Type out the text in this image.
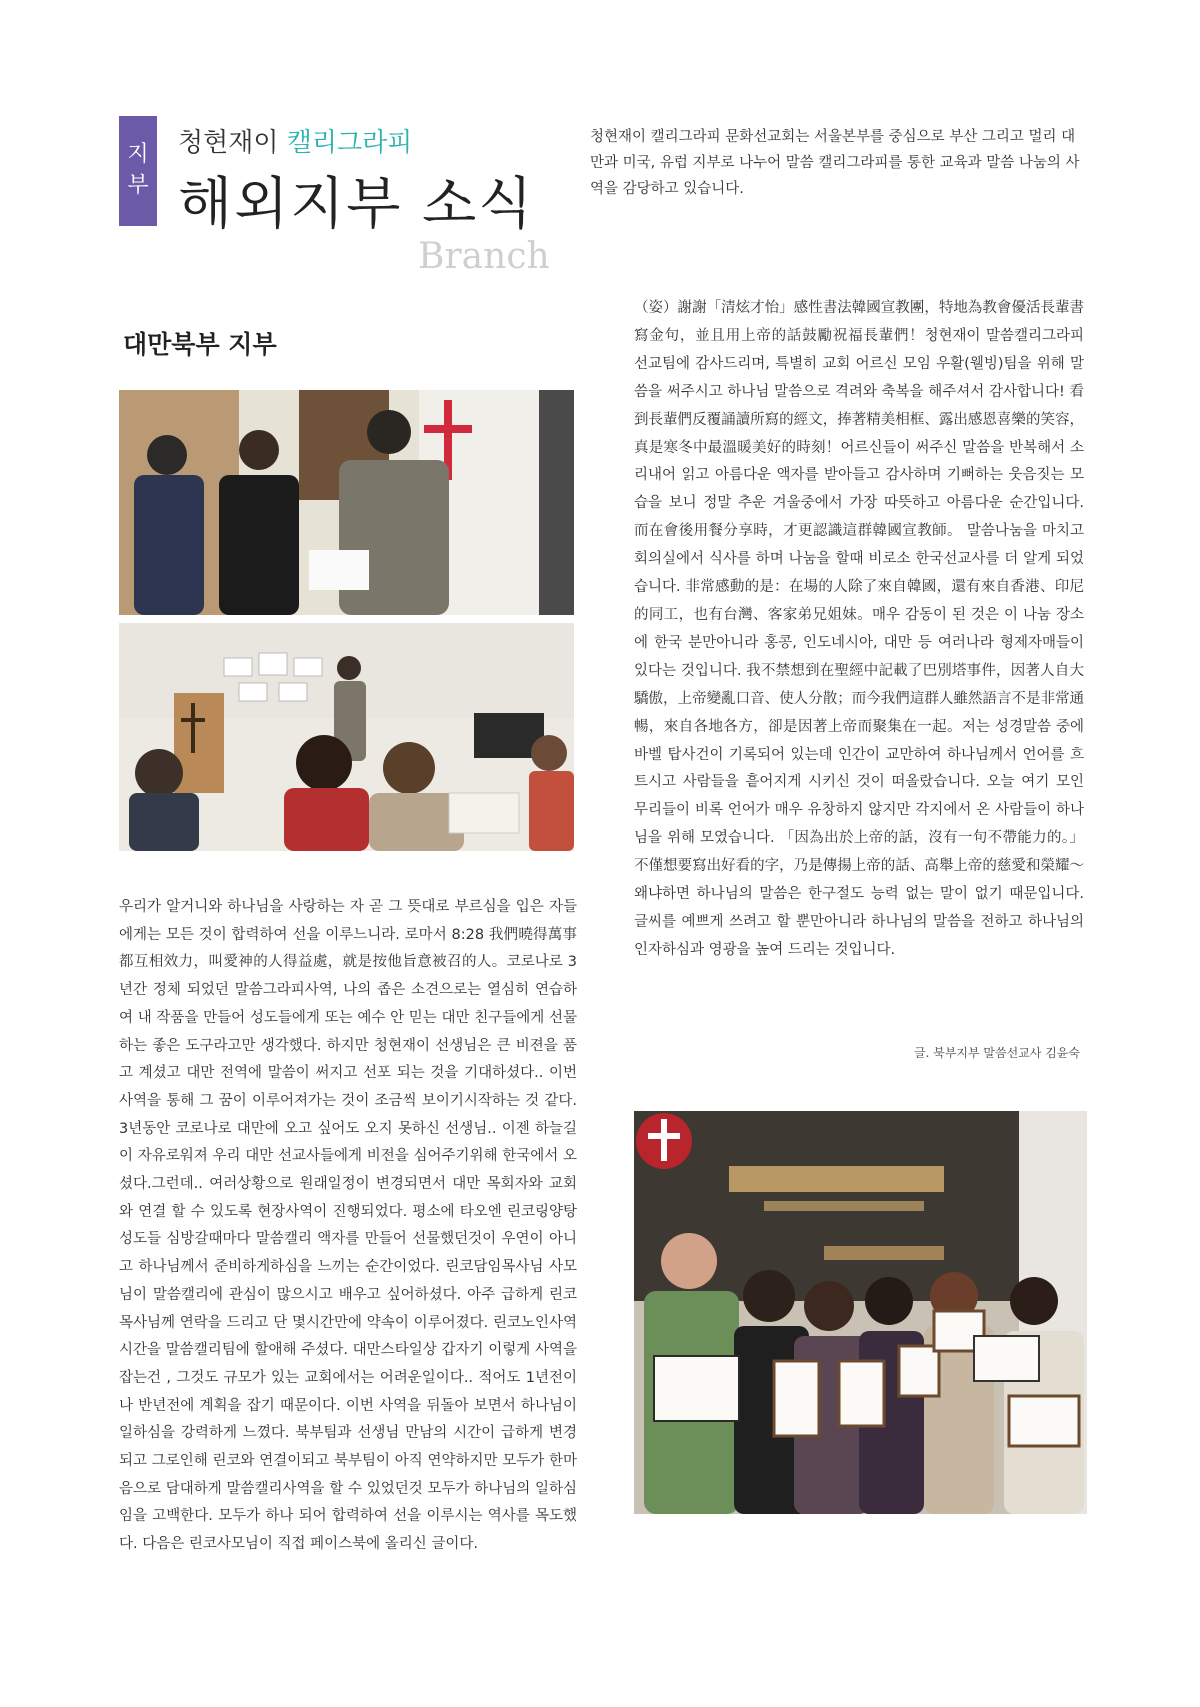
지
부
청현재이 캘리그라피
해외지부 소식
Branch
청현재이 캘리그라피 문화선교회는 서울본부를 중심으로 부산 그리고 멀리 대만과 미국, 유럽 지부로 나누어 말씀 캘리그라피를 통한 교육과 말씀 나눔의 사역을 감당하고 있습니다.
대만북부 지부
우리가 알거니와 하나님을 사랑하는 자 곧 그 뜻대로 부르심을 입은 자들에게는 모든 것이 합력하여 선을 이루느니라. 로마서 8:28 我們曉得萬事都互相效力，叫愛神的人得益處，就是按他旨意被召的人。코로나로 3년간 정체 되었던 말씀그라피사역, 나의 좁은 소견으로는 열심히 연습하여 내 작품을 만들어 성도들에게 또는 예수 안 믿는 대만 친구들에게 선물하는 좋은 도구라고만 생각했다. 하지만 청현재이 선생님은 큰 비젼을 품고 계셨고 대만 전역에 말씀이 써지고 선포 되는 것을 기대하셨다.. 이번사역을 통해 그 꿈이 이루어져가는 것이 조금씩 보이기시작하는 것 같다. 3년동안 코로나로 대만에 오고 싶어도 오지 못하신 선생님.. 이젠 하늘길이 자유로워져 우리 대만 선교사들에게 비전을 심어주기위해 한국에서 오셨다.그런데.. 여러상황으로 원래일정이 변경되면서 대만 목회자와 교회와 연결 할 수 있도록 현장사역이 진행되었다. 평소에 타오엔 린코링양탕 성도들 심방갈때마다 말씀캘리 액자를 만들어 선물했던것이 우연이 아니고 하나님께서 준비하게하심을 느끼는 순간이었다. 린코담임목사님 사모님이 말씀캘리에 관심이 많으시고 배우고 싶어하셨다. 아주 급하게 린코목사님께 연락을 드리고 단 몇시간만에 약속이 이루어졌다. 린코노인사역 시간을 말씀캘리팀에 할애해 주셨다. 대만스타일상 갑자기 이렇게 사역을 잡는건 , 그것도 규모가 있는 교회에서는 어려운일이다.. 적어도 1년전이나 반년전에 계획을 잡기 때문이다. 이번 사역을 뒤돌아 보면서 하나님이 일하심을 강력하게 느꼈다. 북부팀과 선생님 만남의 시간이 급하게 변경되고 그로인해 린코와 연결이되고 북부팀이 아직 연약하지만 모두가 한마음으로 담대하게 말씀캘리사역을 할 수 있었던것 모두가 하나님의 일하심임을 고백한다. 모두가 하나 되어 합력하여 선을 이루시는 역사를 목도했다. 다음은 린코사모님이 직접 페이스북에 올리신 글이다.
（姿）謝謝「清炫才怡」感性書法韓國宣教團，特地為教會優活長輩書寫金句，並且用上帝的話鼓勵祝福長輩們！청현재이 말씀캘리그라피 선교팀에 감사드리며, 특별히 교회 어르신 모임 우활(웰빙)팀을 위해 말씀을 써주시고 하나님 말씀으로 격려와 축복을 해주셔서 감사합니다! 看到長輩們反覆誦讀所寫的經文，捧著精美相框、露出感恩喜樂的笑容，真是寒冬中最溫暖美好的時刻！어르신들이 써주신 말씀을 반복해서 소리내어 읽고 아름다운 액자를 받아들고 감사하며 기뻐하는 웃음짓는 모습을 보니 정말 추운 겨울중에서 가장 따뜻하고 아름다운 순간입니다. 而在會後用餐分享時，才更認識這群韓國宣教師。 말씀나눔을 마치고 회의실에서 식사를 하며 나눔을 할때 비로소 한국선교사를 더 알게 되었습니다. 非常感動的是：在場的人除了來自韓國，還有來自香港、印尼的同工，也有台灣、客家弟兄姐妹。매우 감동이 된 것은 이 나눔 장소에 한국 분만아니라 홍콩, 인도네시아, 대만 등 여러나라 형제자매들이 있다는 것입니다. 我不禁想到在聖經中記載了巴別塔事件，因著人自大驕傲，上帝變亂口音、使人分散；而今我們這群人雖然語言不是非常通暢，來自各地各方，卻是因著上帝而聚集在一起。저는 성경말씀 중에 바벨 탑사건이 기록되어 있는데 인간이 교만하여 하나님께서 언어를 흐트시고 사람들을 흩어지게 시키신 것이 떠올랐습니다. 오늘 여기 모인 무리들이 비록 언어가 매우 유창하지 않지만 각지에서 온 사람들이 하나님을 위해 모였습니다. 「因為出於上帝的話，沒有一句不帶能力的。」不僅想要寫出好看的字，乃是傳揚上帝的話、高舉上帝的慈愛和榮耀～ 왜냐하면 하나님의 말씀은 한구절도 능력 없는 말이 없기 때문입니다. 글씨를 예쁘게 쓰려고 할 뿐만아니라 하나님의 말씀을 전하고 하나님의 인자하심과 영광을 높여 드리는 것입니다.
글. 북부지부 말씀선교사 김윤숙
